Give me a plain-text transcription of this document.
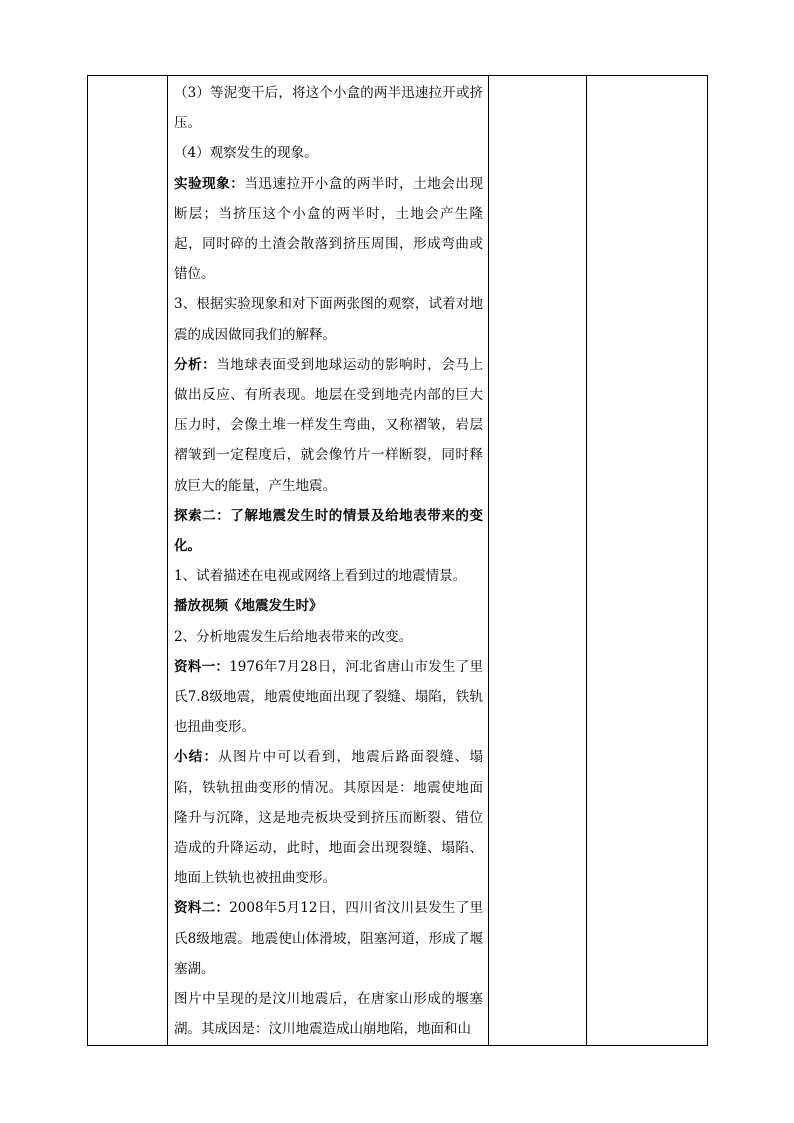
（3）等泥变干后，将这个小盒的两半迅速拉开或挤压。

（4）观察发生的现象。

实验现象：当迅速拉开小盒的两半时，土地会出现断层；当挤压这个小盒的两半时，土地会产生隆起，同时碎的土渣会散落到挤压周围，形成弯曲或错位。

3、根据实验现象和对下面两张图的观察，试着对地震的成因做同我们的解释。

分析：当地球表面受到地球运动的影响时，会马上做出反应、有所表现。地层在受到地壳内部的巨大压力时，会像土堆一样发生弯曲，又称褶皱，岩层褶皱到一定程度后，就会像竹片一样断裂，同时释放巨大的能量，产生地震。

探索二：了解地震发生时的情景及给地表带来的变化。

1、试着描述在电视或网络上看到过的地震情景。

播放视频《地震发生时》

2、分析地震发生后给地表带来的改变。

资料一：1976年7月28日，河北省唐山市发生了里氏7.8级地震，地震使地面出现了裂缝、塌陷，铁轨也扭曲变形。

小结：从图片中可以看到，地震后路面裂缝、塌陷，铁轨扭曲变形的情况。其原因是：地震使地面隆升与沉降，这是地壳板块受到挤压而断裂、错位造成的升降运动，此时，地面会出现裂缝、塌陷、地面上铁轨也被扭曲变形。

资料二：2008年5月12日，四川省汶川县发生了里氏8级地震。地震使山体滑坡，阻塞河道，形成了堰塞湖。

图片中呈现的是汶川地震后，在唐家山形成的堰塞湖。其成因是：汶川地震造成山崩地陷，地面和山
